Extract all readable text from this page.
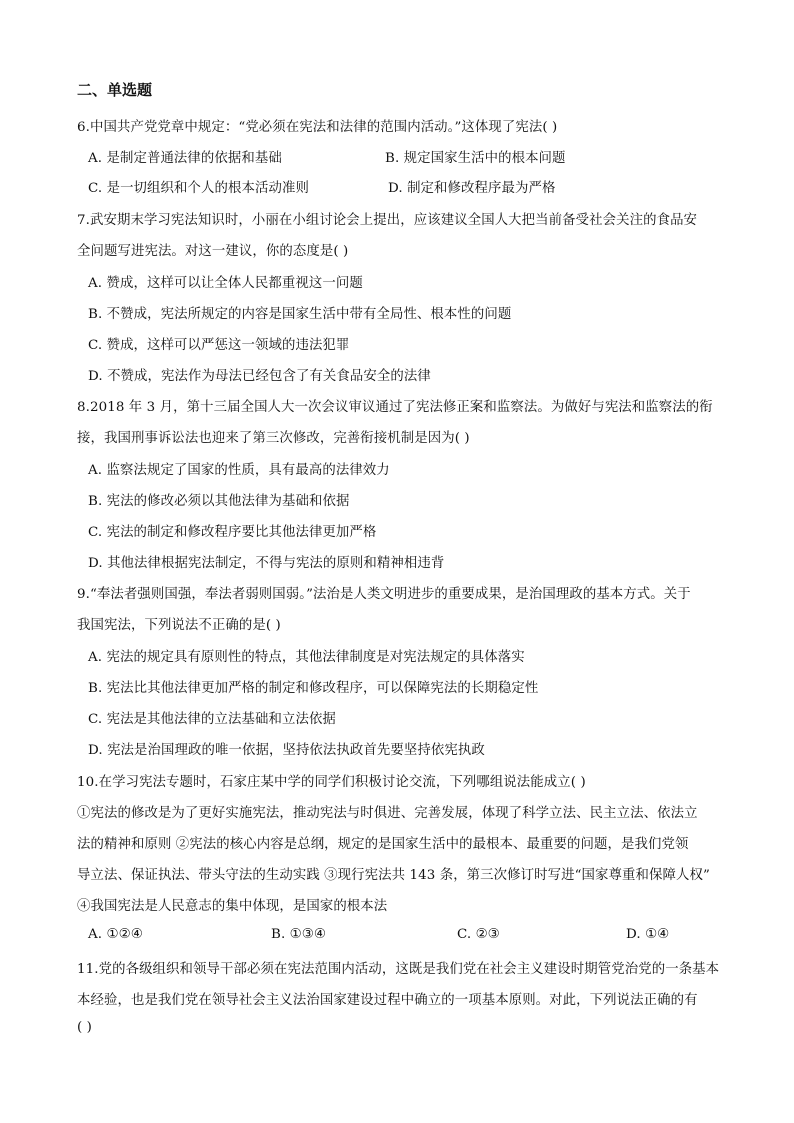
二、单选题
6.中国共产党党章中规定：“党必须在宪法和法律的范围内活动。”这体现了宪法( )
A. 是制定普通法律的依据和基础	B. 规定国家生活中的根本问题
C. 是一切组织和个人的根本活动准则	D. 制定和修改程序最为严格
7.武安期末学习宪法知识时，小丽在小组讨论会上提出，应该建议全国人大把当前备受社会关注的食品安
全问题写进宪法。对这一建议，你的态度是( )
A. 赞成，这样可以让全体人民都重视这一问题
B. 不赞成，宪法所规定的内容是国家生活中带有全局性、根本性的问题
C. 赞成，这样可以严惩这一领域的违法犯罪
D. 不赞成，宪法作为母法已经包含了有关食品安全的法律
8.2018 年 3 月，第十三届全国人大一次会议审议通过了宪法修正案和监察法。为做好与宪法和监察法的衔
接，我国刑事诉讼法也迎来了第三次修改，完善衔接机制是因为( )
A. 监察法规定了国家的性质，具有最高的法律效力
B. 宪法的修改必须以其他法律为基础和依据
C. 宪法的制定和修改程序要比其他法律更加严格
D. 其他法律根据宪法制定，不得与宪法的原则和精神相违背
9.“奉法者强则国强，奉法者弱则国弱。”法治是人类文明进步的重要成果，是治国理政的基本方式。关于
我国宪法，下列说法不正确的是( )
A. 宪法的规定具有原则性的特点，其他法律制度是对宪法规定的具体落实
B. 宪法比其他法律更加严格的制定和修改程序，可以保障宪法的长期稳定性
C. 宪法是其他法律的立法基础和立法依据
D. 宪法是治国理政的唯一依据，坚持依法执政首先要坚持依宪执政
10.在学习宪法专题时，石家庄某中学的同学们积极讨论交流，下列哪组说法能成立( )
①宪法的修改是为了更好实施宪法，推动宪法与时俱进、完善发展，体现了科学立法、民主立法、依法立
法的精神和原则 ②宪法的核心内容是总纲，规定的是国家生活中的最根本、最重要的问题，是我们党领
导立法、保证执法、带头守法的生动实践 ③现行宪法共 143 条，第三次修订时写进“国家尊重和保障人权”
④我国宪法是人民意志的集中体现，是国家的根本法
A. ①②④	B. ①③④	C. ②③	D. ①④
11.党的各级组织和领导干部必须在宪法范围内活动，这既是我们党在社会主义建设时期管党治党的一条基本
本经验，也是我们党在领导社会主义法治国家建设过程中确立的一项基本原则。对此，下列说法正确的有
( )
